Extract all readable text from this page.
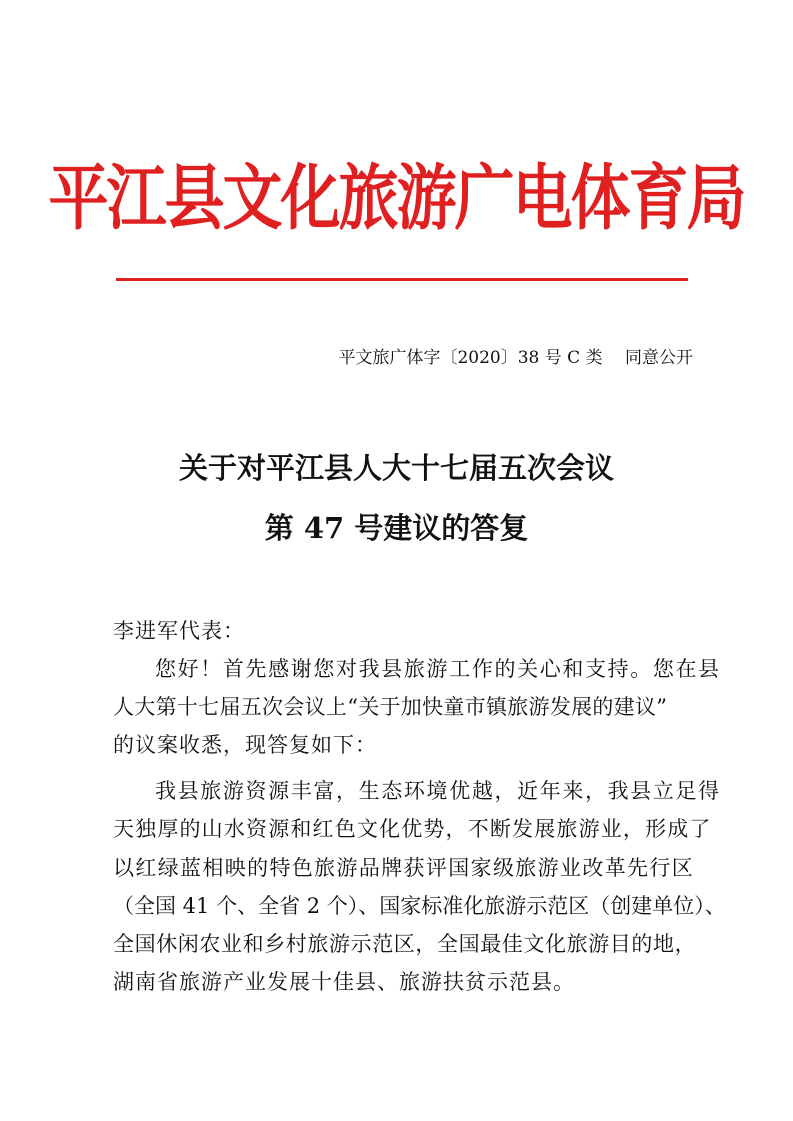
平江县文化旅游广电体育局
平文旅广体字〔2020〕38 号 C 类　 同意公开
关于对平江县人大十七届五次会议
第 47 号建议的答复
李进军代表：
您好！首先感谢您对我县旅游工作的关心和支持。您在县
人大第十七届五次会议上“关于加快童市镇旅游发展的建议”
的议案收悉，现答复如下：
我县旅游资源丰富，生态环境优越，近年来，我县立足得
天独厚的山水资源和红色文化优势，不断发展旅游业，形成了
以红绿蓝相映的特色旅游品牌获评国家级旅游业改革先行区
（全国 41 个、全省 2 个）、国家标准化旅游示范区（创建单位）、
全国休闲农业和乡村旅游示范区，全国最佳文化旅游目的地，
湖南省旅游产业发展十佳县、旅游扶贫示范县。
